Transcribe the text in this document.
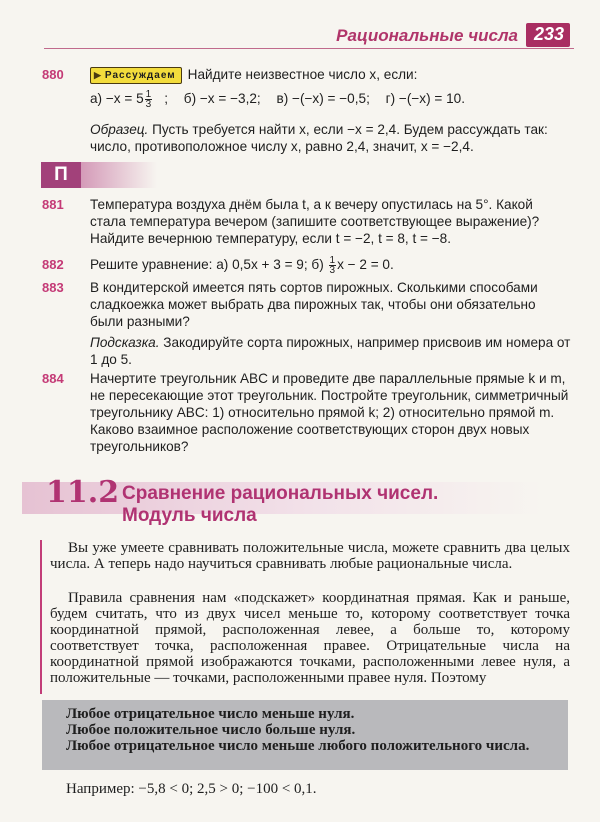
Рациональные числа 233
880	▶ Рассуждаем Найдите неизвестное число x, если:
$а) -x = 5 \frac{1}{3}$ ; б) −x = −3,2; в) −(−x) = −0,5; г) −(−x) = 10.
Образец. Пусть требуется найти x, если −x = 2,4. Будем рассуждать так: число, противоположное числу x, равно 2,4, значит, x = −2,4.
П
881	Температура воздуха днём была t, а к вечеру опустилась на 5°. Какой стала температура вечером (запишите соответствующее выражение)? Найдите вечернюю температуру, если t = −2, t = 8, t = −8.
882	Решите уравнение: а) 0,5x + 3 = 9; $б) \frac{1}{3}x - 2 = 0$.
883	В кондитерской имеется пять сортов пирожных. Сколькими способами сладкоежка может выбрать два пирожных так, чтобы они обязательно были разными?
Подсказка. Закодируйте сорта пирожных, например присвоив им номера от 1 до 5.
884	Начертите треугольник ABC и проведите две параллельные прямые k и m, не пересекающие этот треугольник. Постройте треугольник, симметричный треугольнику ABC: 1) относительно прямой k; 2) относительно прямой m. Каково взаимное расположение соответствующих сторон двух новых треугольников?
11.2 Сравнение рациональных чисел.
Модуль числа
Вы уже умеете сравнивать положительные числа, можете сравнить два целых числа. А теперь надо научиться сравнивать любые рациональные числа.
Правила сравнения нам «подскажет» координатная прямая. Как и раньше, будем считать, что из двух чисел меньше то, которому соответствует точка координатной прямой, расположенная левее, а больше то, которому соответствует точка, расположенная правее. Отрицательные числа на координатной прямой изображаются точками, расположенными левее нуля, а положительные — точками, расположенными правее нуля. Поэтому
Любое отрицательное число меньше нуля.
Любое положительное число больше нуля.
Любое отрицательное число меньше любого положительного числа.
Например: −5,8 < 0; 2,5 > 0; −100 < 0,1.
